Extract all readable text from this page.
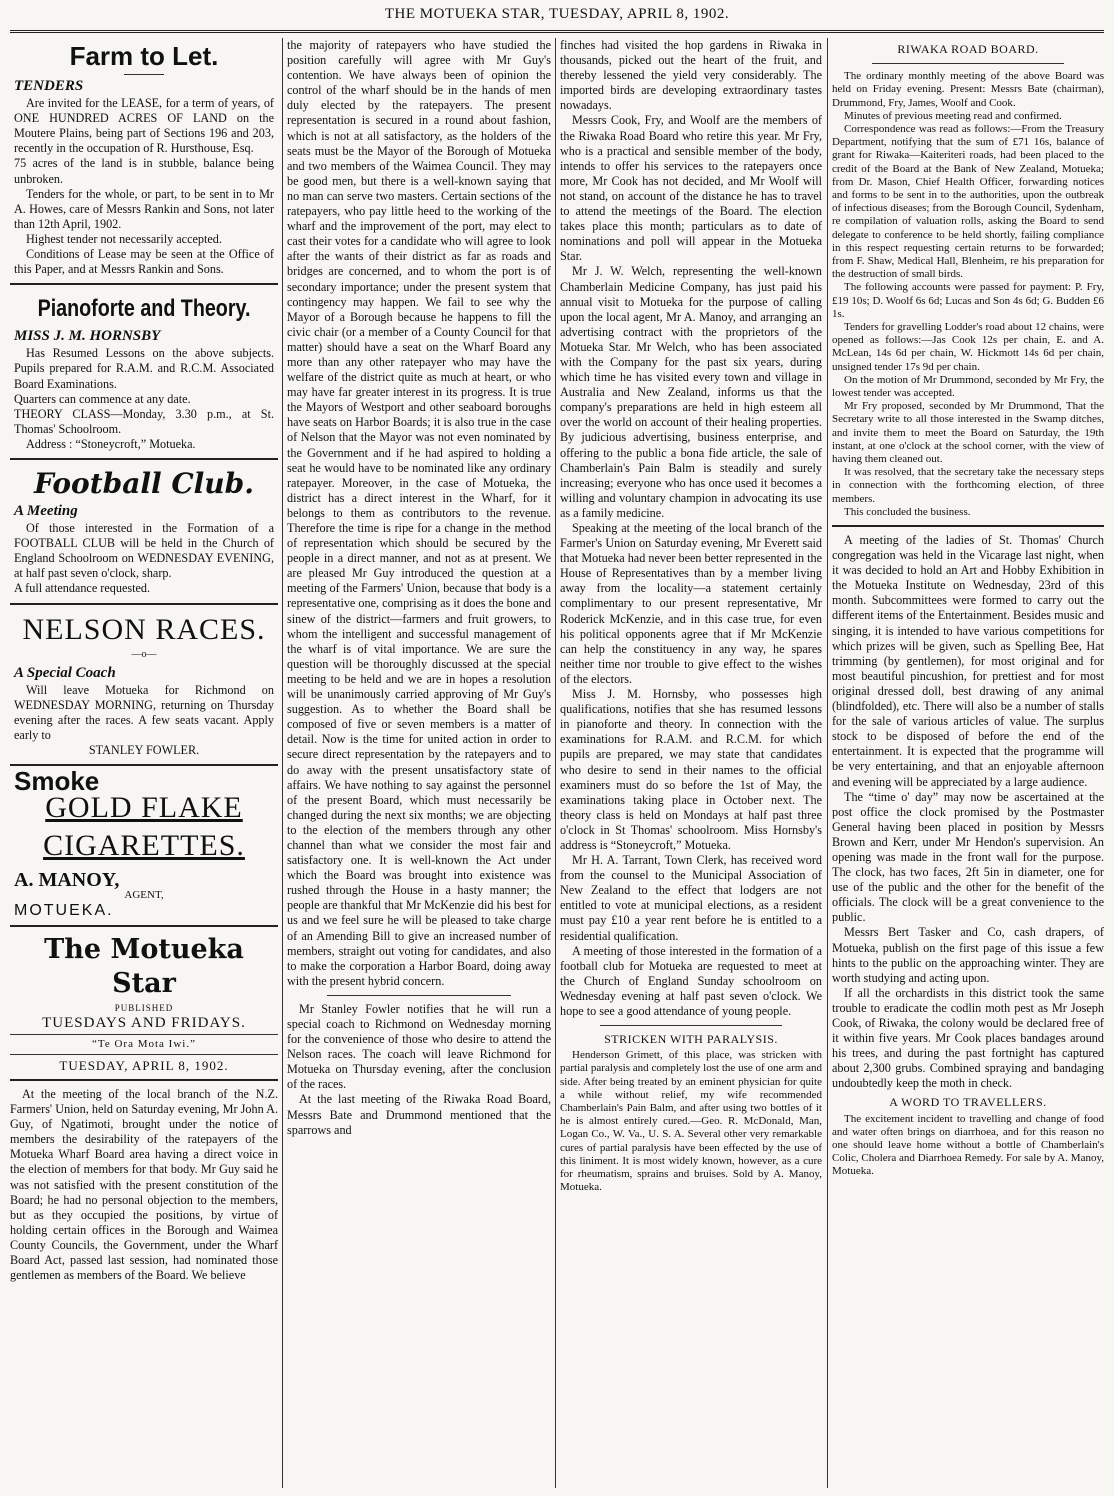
THE MOTUEKA STAR, TUESDAY, APRIL 8, 1902.
Farm to Let.
TENDERS

Are invited for the LEASE, for a term of years, of ONE HUNDRED ACRES OF LAND on the Moutere Plains, being part of Sections 196 and 203, recently in the occupation of R. Hursthouse, Esq.

75 acres of the land is in stubble, balance being unbroken.

Tenders for the whole, or part, to be sent in to Mr A. Howes, care of Messrs Rankin and Sons, not later than 12th April, 1902.

Highest tender not necessarily accepted.

Conditions of Lease may be seen at the Office of this Paper, and at Messrs Rankin and Sons.

Pianoforte and Theory.
MISS J. M. HORNSBY

Has Resumed Lessons on the above subjects. Pupils prepared for R.A.M. and R.C.M. Associated Board Examinations.

Quarters can commence at any date.

THEORY CLASS—Monday, 3.30 p.m., at St. Thomas' Schoolroom.

Address : “Stoneycroft,” Motueka.

Football Club.
A Meeting

Of those interested in the Formation of a FOOTBALL CLUB will be held in the Church of England Schoolroom on WEDNESDAY EVENING, at half past seven o'clock, sharp.

A full attendance requested.

NELSON RACES.
—o—
A Special Coach

Will leave Motueka for Richmond on WEDNESDAY MORNING, returning on Thursday evening after the races. A few seats vacant. Apply early to

STANLEY FOWLER.
Smoke
GOLD FLAKE
CIGARETTES.
A. MANOY,
AGENT,
MOTUEKA.
The Motueka Star
PUBLISHED
TUESDAYS AND FRIDAYS.
“Te Ora Mota Iwi.”
TUESDAY, APRIL 8, 1902.

At the meeting of the local branch of the N.Z. Farmers' Union, held on Saturday evening, Mr John A. Guy, of Ngatimoti, brought under the notice of members the desirability of the ratepayers of the Motueka Wharf Board area having a direct voice in the election of members for that body. Mr Guy said he was not satisfied with the present constitution of the Board; he had no personal objection to the members, but as they occupied the positions, by virtue of holding certain offices in the Borough and Waimea County Councils, the Government, under the Wharf Board Act, passed last session, had nominated those gentlemen as members of the Board. We believe

the majority of ratepayers who have studied the position carefully will agree with Mr Guy's contention. We have always been of opinion the control of the wharf should be in the hands of men duly elected by the ratepayers. The present representation is secured in a round about fashion, which is not at all satisfactory, as the holders of the seats must be the Mayor of the Borough of Motueka and two members of the Waimea Council. They may be good men, but there is a well-known saying that no man can serve two masters. Certain sections of the ratepayers, who pay little heed to the working of the wharf and the improvement of the port, may elect to cast their votes for a candidate who will agree to look after the wants of their district as far as roads and bridges are concerned, and to whom the port is of secondary importance; under the present system that contingency may happen. We fail to see why the Mayor of a Borough because he happens to fill the civic chair (or a member of a County Council for that matter) should have a seat on the Wharf Board any more than any other ratepayer who may have the welfare of the district quite as much at heart, or who may have far greater interest in its progress. It is true the Mayors of Westport and other seaboard boroughs have seats on Harbor Boards; it is also true in the case of Nelson that the Mayor was not even nominated by the Government and if he had aspired to holding a seat he would have to be nominated like any ordinary ratepayer. Moreover, in the case of Motueka, the district has a direct interest in the Wharf, for it belongs to them as contributors to the revenue. Therefore the time is ripe for a change in the method of representation which should be secured by the people in a direct manner, and not as at present. We are pleased Mr Guy introduced the question at a meeting of the Farmers' Union, because that body is a representative one, comprising as it does the bone and sinew of the district—farmers and fruit growers, to whom the intelligent and successful management of the wharf is of vital importance. We are sure the question will be thoroughly discussed at the special meeting to be held and we are in hopes a resolution will be unanimously carried approving of Mr Guy's suggestion. As to whether the Board shall be composed of five or seven members is a matter of detail. Now is the time for united action in order to secure direct representation by the ratepayers and to do away with the present unsatisfactory state of affairs. We have nothing to say against the personnel of the present Board, which must necessarily be changed during the next six months; we are objecting to the election of the members through any other channel than what we consider the most fair and satisfactory one. It is well-known the Act under which the Board was brought into existence was rushed through the House in a hasty manner; the people are thankful that Mr McKenzie did his best for us and we feel sure he will be pleased to take charge of an Amending Bill to give an increased number of members, straight out voting for candidates, and also to make the corporation a Harbor Board, doing away with the present hybrid concern.

Mr Stanley Fowler notifies that he will run a special coach to Richmond on Wednesday morning for the convenience of those who desire to attend the Nelson races. The coach will leave Richmond for Motueka on Thursday evening, after the conclusion of the races.

At the last meeting of the Riwaka Road Board, Messrs Bate and Drummond mentioned that the sparrows and

finches had visited the hop gardens in Riwaka in thousands, picked out the heart of the fruit, and thereby lessened the yield very considerably. The imported birds are developing extraordinary tastes nowadays.

Messrs Cook, Fry, and Woolf are the members of the Riwaka Road Board who retire this year. Mr Fry, who is a practical and sensible member of the body, intends to offer his services to the ratepayers once more, Mr Cook has not decided, and Mr Woolf will not stand, on account of the distance he has to travel to attend the meetings of the Board. The election takes place this month; particulars as to date of nominations and poll will appear in the Motueka Star.

Mr J. W. Welch, representing the well-known Chamberlain Medicine Company, has just paid his annual visit to Motueka for the purpose of calling upon the local agent, Mr A. Manoy, and arranging an advertising contract with the proprietors of the Motueka Star. Mr Welch, who has been associated with the Company for the past six years, during which time he has visited every town and village in Australia and New Zealand, informs us that the company's preparations are held in high esteem all over the world on account of their healing properties. By judicious advertising, business enterprise, and offering to the public a bona fide article, the sale of Chamberlain's Pain Balm is steadily and surely increasing; everyone who has once used it becomes a willing and voluntary champion in advocating its use as a family medicine.

Speaking at the meeting of the local branch of the Farmer's Union on Saturday evening, Mr Everett said that Motueka had never been better represented in the House of Representatives than by a member living away from the locality—a statement certainly complimentary to our present representative, Mr Roderick McKenzie, and in this case true, for even his political opponents agree that if Mr McKenzie can help the constituency in any way, he spares neither time nor trouble to give effect to the wishes of the electors.

Miss J. M. Hornsby, who possesses high qualifications, notifies that she has resumed lessons in pianoforte and theory. In connection with the examinations for R.A.M. and R.C.M. for which pupils are prepared, we may state that candidates who desire to send in their names to the official examiners must do so before the 1st of May, the examinations taking place in October next. The theory class is held on Mondays at half past three o'clock in St Thomas' schoolroom. Miss Hornsby's address is “Stoneycroft,” Motueka.

Mr H. A. Tarrant, Town Clerk, has received word from the counsel to the Municipal Association of New Zealand to the effect that lodgers are not entitled to vote at municipal elections, as a resident must pay £10 a year rent before he is entitled to a residential qualification.

A meeting of those interested in the formation of a football club for Motueka are requested to meet at the Church of England Sunday schoolroom on Wednesday evening at half past seven o'clock. We hope to see a good attendance of young people.

STRICKEN WITH PARALYSIS.

Henderson Grimett, of this place, was stricken with partial paralysis and completely lost the use of one arm and side. After being treated by an eminent physician for quite a while without relief, my wife recommended Chamberlain's Pain Balm, and after using two bottles of it he is almost entirely cured.—Geo. R. McDonald, Man, Logan Co., W. Va., U. S. A. Several other very remarkable cures of partial paralysis have been effected by the use of this liniment. It is most widely known, however, as a cure for rheumatism, sprains and bruises. Sold by A. Manoy, Motueka.

RIWAKA ROAD BOARD.

The ordinary monthly meeting of the above Board was held on Friday evening. Present: Messrs Bate (chairman), Drummond, Fry, James, Woolf and Cook.

Minutes of previous meeting read and confirmed.

Correspondence was read as follows:—From the Treasury Department, notifying that the sum of £71 16s, balance of grant for Riwaka—Kaiteriteri roads, had been placed to the credit of the Board at the Bank of New Zealand, Motueka; from Dr. Mason, Chief Health Officer, forwarding notices and forms to be sent in to the authorities, upon the outbreak of infectious diseases; from the Borough Council, Sydenham, re compilation of valuation rolls, asking the Board to send delegate to conference to be held shortly, failing compliance in this respect requesting certain returns to be forwarded; from F. Shaw, Medical Hall, Blenheim, re his preparation for the destruction of small birds.

The following accounts were passed for payment: P. Fry, £19 10s; D. Woolf 6s 6d; Lucas and Son 4s 6d; G. Budden £6 1s.

Tenders for gravelling Lodder's road about 12 chains, were opened as follows:—Jas Cook 12s per chain, E. and A. McLean, 14s 6d per chain, W. Hickmott 14s 6d per chain, unsigned tender 17s 9d per chain.

On the motion of Mr Drummond, seconded by Mr Fry, the lowest tender was accepted.

Mr Fry proposed, seconded by Mr Drummond, That the Secretary write to all those interested in the Swamp ditches, and invite them to meet the Board on Saturday, the 19th instant, at one o'clock at the school corner, with the view of having them cleaned out.

It was resolved, that the secretary take the necessary steps in connection with the forthcoming election, of three members.

This concluded the business.

A meeting of the ladies of St. Thomas' Church congregation was held in the Vicarage last night, when it was decided to hold an Art and Hobby Exhibition in the Motueka Institute on Wednesday, 23rd of this month. Subcommittees were formed to carry out the different items of the Entertainment. Besides music and singing, it is intended to have various competitions for which prizes will be given, such as Spelling Bee, Hat trimming (by gentlemen), for most original and for most beautiful pincushion, for prettiest and for most original dressed doll, best drawing of any animal (blindfolded), etc. There will also be a number of stalls for the sale of various articles of value. The surplus stock to be disposed of before the end of the entertainment. It is expected that the programme will be very entertaining, and that an enjoyable afternoon and evening will be appreciated by a large audience.

The “time o' day” may now be ascertained at the post office the clock promised by the Postmaster General having been placed in position by Messrs Brown and Kerr, under Mr Hendon's supervision. An opening was made in the front wall for the purpose. The clock, has two faces, 2ft 5in in diameter, one for use of the public and the other for the benefit of the officials. The clock will be a great convenience to the public.

Messrs Bert Tasker and Co, cash drapers, of Motueka, publish on the first page of this issue a few hints to the public on the approaching winter. They are worth studying and acting upon.

If all the orchardists in this district took the same trouble to eradicate the codlin moth pest as Mr Joseph Cook, of Riwaka, the colony would be declared free of it within five years. Mr Cook places bandages around his trees, and during the past fortnight has captured about 2,300 grubs. Combined spraying and bandaging undoubtedly keep the moth in check.

A WORD TO TRAVELLERS.

The excitement incident to travelling and change of food and water often brings on diarrhoea, and for this reason no one should leave home without a bottle of Chamberlain's Colic, Cholera and Diarrhoea Remedy. For sale by A. Manoy, Motueka.
